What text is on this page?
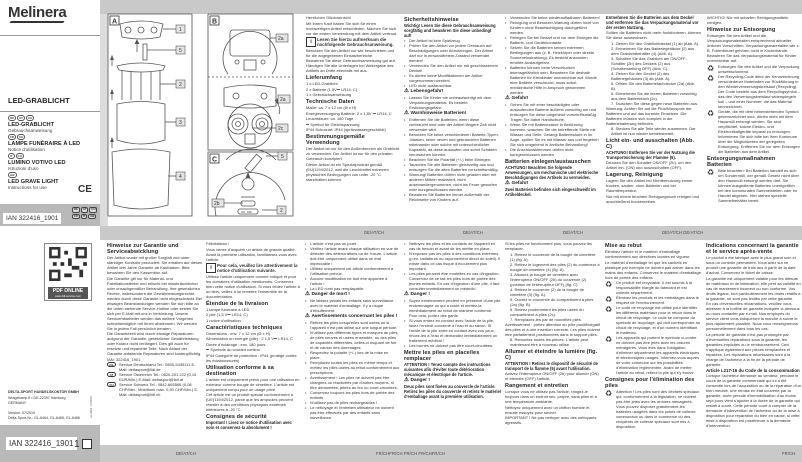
Melinera
LED-GRABLICHT
DE	AT	CH
LED-GRABLICHT
Gebrauchsanweisung
FR	CH
LAMPE FUNÉRAIRE À LED
Notice d'utilisation
IT	CH
LUMINO VOTIVO LED
Istruzioni d'uso
GB
LED GRAVE LIGHT
Instructions for use	CE
IAN 322416_1901
DE	AT	CH
FR	IT	GB
PDF ONLINE
www.lidl-service.com
DELTA-SPORT HANDELSKONTOR GMBH
Wragekamp 6 • DE-22397 Hamburg
GERMANY
Version: 07/2019
Delta-Sport-Nr.: GL-6464, GL-6465, GL-6466	GL-6464 · 07/2019
IAN 322416_1901 1
A	B
C
1
5
2
3
4
2a
2a
2c
5
2b
2
ON · OFF
Herzlichen Glückwunsch!
Mit Ihrem Kauf haben Sie sich für einen hochwertigen Artikel entschieden. Machen Sie sich vor der ersten Verwendung mit dem Artikel vertraut.
i Lesen Sie hierzu aufmerksam die nachfolgende Gebrauchsanweisung.
Benutzen Sie den Artikel nur wie beschrieben und für die angegebenen Einsatzbereiche.
Bewahren Sie diese Gebrauchsanweisung gut auf. Händigen Sie alle Unterlagen bei Weitergabe des Artikels an Dritte ebenfalls mit aus.
Lieferumfang
1 x LED-Grablicht
2 x Batterie (1,5V⎓ LR14, C)
1 x Gebrauchsanweisung
Technische Daten
Maße: ca. 7 x 12 cm (Ø x H)
Energieversorgung Batterie: 2 x 1,5V ⎓ LR14, C
Leuchtdauer: ca. 180 Tage
⎓ Symbol für Gleichspannung
IP44 Schutzart: IP44 (spritzwassergeschützt)
Bestimmungsgemäße Verwendung
Der Artikel ist nur für den Außenbereich als Grablicht zu verwenden. Der Artikel ist nur für den privaten Gebrauch konzipiert.
Dieser Artikel ist ein Spezialprodukt gemäß (EU)1194/2012, weil die Leuchtmittel extremen physischen Bedingungen von unter -20 °C standhalten können.
Sicherheitshinweise
Wichtig! Lesen Sie diese Gebrauchsanweisung sorgfältig und bewahren Sie diese unbedingt auf!
• Der Artikel ist kein Spielzeug.
• Prüfen Sie den Artikel vor jedem Gebrauch auf Beschädigungen oder Abnutzungen. Der Artikel darf nur in einwandfreiem Zustand verwendet werden!
• Verwenden Sie den Artikel nur mit geschlossenem Deckel!
• Es dürfen keine Modifikationen am Artikel vorgenommen werden!
• LED nicht austauschbar.
⚠ Lebensgefahr!
• Lassen Sie Kinder nie unbeaufsichtigt mit dem Verpackungsmaterial. Es besteht Erstickungsgefahr.
⚠ Warnhinweise Batterien!
• Entfernen Sie die Batterien, wenn diese verbraucht sind oder der Artikel längere Zeit nicht verwendet wird.
• Benutzen Sie keine verschiedenen Batterie-Typen, -Marken, keine neuen und gebrauchten Batterien miteinander oder solche mit unterschiedlicher Kapazität, da diese auslaufen und somit Schäden verursachen können.
• Beachten Sie die Polarität (+/-) beim Einlegen.
• Tauschen Sie alle Batterien gleichzeitig aus und entsorgen Sie die alten Batterien vorschriftsmäßig.
• Warnung! Batterien dürfen nicht geladen oder mit anderen Mitteln reaktiviert, nicht auseinandergenommen, nicht ins Feuer geworfen oder kurzgeschlossen werden.
• Bewahren Sie Batterien immer außerhalb der Reichweite von Kindern auf.
• Verwenden Sie keine wiederaufladbaren Batterien!
• Reinigung und Benutzer-Wartung dürfen nicht von Kindern ohne Beaufsichtigung durchgeführt werden.
• Reinigen Sie bei Bedarf und vor dem Einlegen die Batterie- und Gerätekontakte.
• Setzen Sie die Batterien keinen extremen Bedingungen aus (z. B. Heizkörper oder direkte Sonneneinstrahlung). Es besteht ansonsten erhöhte Auslaufgefahr.
• Batterien können beim Verschlucken lebensgefährlich sein. Bewahren Sie deshalb Batterien für Kleinkinder unerreichbar auf. Wurde eine Batterie verschluckt, muss sofort medizinische Hilfe in Anspruch genommen werden.
⚠ Gefahr!
• Gehen Sie mit einer beschädigten oder auslaufenden Batterie äußerst vorsichtig um und entsorgen Sie diese umgehend vorschriftsmäßig. Tragen Sie dabei Handschuhe.
• Wenn Sie mit Batteriesäure in Berührung kommen, waschen Sie die betreffende Stelle mit Wasser und Seife. Gelangt Batteriesäure in Ihr Auge, spülen Sie es mit Wasser aus und begeben Sie sich umgehend in ärztliche Behandlung!
• Die Anschlussklemmen dürfen nicht kurzgeschlossen werden.
Batterien einlegen/austauschen
ACHTUNG! Beachten Sie folgende Anweisungen, um mechanische und elektrische Beschädigungen des Artikels zu vermeiden.
⚠ Gefahr!
Zwei Batterien befinden sich eingeschweißt im Artikeldeckel.
Entnehmen Sie die Batterien aus dem Deckel und entfernen Sie das Verpackungsmaterial vor der ersten Nutzung.
Sollten die Batterien nicht mehr funktionieren, können Sie diese auswechseln.
1. Ziehen Sie den Grablichtdeckel (1) ab (Abb. A).
2. Entnehmen Sie das Batteriegehäuse (2) aus dem Grablichtbehälter (4) (Abb. A).
3. Schalten Sie das Grablicht am ON/OFF-Schalter (2b) des Deckels (2) aus (Schalterstellung OFF) (Abb. C).
4. Ziehen Sie den Deckel (2) des Batteriegehäuses (3) ab (Abb. A).
5. Öffnen Sie den Batteriefachdeckel (2a) (Abb. B).
6. Entnehmen Sie die leeren Batterien vorsichtig aus dem Batteriefach (2c).
7. Tauschen Sie diese gegen neue Batterien aus.
Warnung: Achten Sie auf die Plus/Minuspole der Batterien und auf das korrekte Einsetzen. Die Batterien müssen sich komplett in der Batteriehalterung befinden.
8. Stecken Sie alle Teile wieder zusammen. Der Artikel ist nun wieder betriebsbereit.
Licht ein- und ausschalten (Abb. C)
ACHTUNG! Entfernen Sie vor der Nutzung die Transportsicherung der Flamme (5).
Drücken Sie den Schalter ON/OFF (2b), um den Artikel ein- (ON) und auszuschalten (OFF).
Lagerung, Reinigung
Lagern Sie den Artikel bei Nichtbenutzung immer trocken, sauber, ohne Batterien und bei Raumtemperatur.
Nur mit einem feuchten Reinigungstuch reinigen und anschließend trockenreiben.
WICHTIG! Nie mit scharfen Reinigungsmitteln reinigen.
Hinweise zur Entsorgung
Entsorgen Sie den Artikel und die Verpackungsmaterialien entsprechend aktueller örtlicher Vorschriften. Verpackungsmaterialien wie z. B. Folienbeutel gehören nicht in Kinderhände. Bewahren Sie das Verpackungsmaterial für Kinder unerreichbar auf.
♻ Entsorgen Sie den Artikel und die Verpackung umweltschonend.
♻ Der Recycling-Code dient der Kennzeichnung verschiedener Materialien zur Rückführung in den Wiederverwertungskreislauf (Recycling). Der Code besteht aus dem Recyclingsymbol – das den Verwertungskreislauf widerspiegeln soll – und einer Nummer, die das Material kennzeichnet.
♻ Geräte, die mit dem nebenstehenden Symbol gekennzeichnet sind, dürfen nicht mit dem Hausmüll entsorgt werden. Sie sind verpflichtet, solche Elektro- und Elektronikaltgeräte separat zu entsorgen. Informieren Sie sich bitte bei Ihrer Kommune über die Möglichkeiten der geregelten Entsorgung. Entfernen Sie vor dem Entsorgen die Batterien aus dem Artikel.
Entsorgungsmaßnahmen Batterien
♻ Bitte beachten: Bei Batterien handelt es sich um Sondermüll, der gemäß Gesetz nicht über den Hausmüll entsorgt werden darf. Sie können ausgediente Batterien unentgeltlich bei den kommunalen Sammelstellen oder im Handel abgeben. Hier stehen spezielle Sammelbehälter bereit.
Hinweise zur Garantie und Serviceabwicklung
Der Artikel wurde mit großer Sorgfalt und unter ständiger Kontrolle produziert. Sie erhalten auf diesen Artikel drei Jahre Garantie ab Kaufdatum. Bitte bewahren Sie den Kassenbon auf.
Die Garantie gilt nur für Material- und Fabrikationsfehler und erlischt bei missbräuchlicher oder unsachgemäßer Behandlung. Ihre gesetzlichen Rechte, insbesondere die Gewährleistungsrechte, werden durch diese Garantie nicht eingeschränkt. Bei etwaigen Beanstandungen wenden Sie sich bitte an die unten stehende Service-Hotline oder setzen Sie sich per E-Mail mit uns in Verbindung. Unsere Servicemitarbeiter werden das weitere Vorgehen schnellstmöglich mit Ihnen abstimmen. Wir werden Sie in jedem Fall persönlich beraten.
Die Garantiezeit wird durch etwaige Reparaturen aufgrund der Garantie, gesetzlicher Gewährleistung oder Kulanz nicht verlängert. Dies gilt auch für ersetzte und reparierte Teile. Nach Ablauf der Garantie anfallende Reparaturen sind kostenpflichtig.
IAN: 322416_1901
DE	Service Deutschland Tel.: 0800-5435111 E-Mail: deltasport@lidl.de
AT	Service Österreich Tel.: 0820-201 222 (0,15 EUR/Min.) E-Mail: deltasport@lidl.at
CH	Service Schweiz Tel.: 0842-665566 (0,08 CHF/Min., Mobilfunk max. 0,40 CHF/Min.) E-Mail: deltasport@lidl.ch
Félicitations !
Vous venez d'acquérir un article de grande qualité. Avant la première utilisation, familiarisez-vous avec l'article.
i Pour cela, veuillez lire attentivement la notice d'utilisation suivante.
Utilisez l'article uniquement comme indiqué et pour les domaines d'utilisation mentionnés. Conservez bien cette notice d'utilisation. Si vous cédez l'article à un tiers, veillez à lui remettre l'ensemble de la documentation.
Étendue de la livraison
1 lampe funéraire à LED
2 pile (1,5 V⎓ LR14, C)
1 notice d'utilisation
Caractéristiques techniques
Dimensions : env. 7 x 12 cm (Ø x H)
Alimentation en énergie (pile) : 2 1,5 V⎓ LR14, C
Durée d'éclairage : env. 180 jours
⎓ Symbole du courant continu
IP44 Catégorie de protection : IP44 (protégé contre les éclaboussures)
Utilisation conforme à sa destination
L'article est uniquement prévu pour une utilisation en extérieur comme bougie de cimetière. L'article est uniquement conçu pour un usage privé.
Cet article est un produit spécial conformément à (UE)1194/2012, parce que les ampoules peuvent résister à des conditions physiques extrêmes inférieures à -20 °C.
Consignes de sécurité
Important ! Lisez ce notice d'utilisation avec soin et conservez-la absolument !
• L'article n'est pas un jouet.
• Vérifiez l'article avant chaque utilisation en vue de détecter des détériorations ou de l'usure. L'article doit être uniquement utilisé dans un état impeccable !
• Utilisez uniquement cet article conformément à l'utilisation prévue.
• Aucune modification ne doit être apportée à l'article !
• La LED n'est pas remplaçable.
⚠ Danger de mort !
• Ne laissez jamais les enfants sans surveillance avec le matériel d'emballage. Il y a risque d'étouffement.
⚠ Avertissements concernant les piles !
• Retirez les piles lorsqu'elles sont usées ou si l'appareil n'est pas utilisé sur une longue période.
• N'utilisez pas différents types et marques de piles, de piles neuves et usées ensemble, ou des piles de capacités différentes, celles-ci risquant de fuir et de causer des dommages.
• Respectez la polarité (+/-) lors de la mise en place.
• Remplacez toutes les piles en même temps et mettez les piles usées au rebut conformément aux prescriptions.
• Avertissement ! Les piles ne doivent pas être chargées ou réactivées par d'autres moyens, ni être démontées, jetées au feu ou court-circuitées.
• Conservez toujours les piles hors de portée des enfants.
• N'utilisez pas de piles rechargeables !
• Le nettoyage et l'entretien utilisateur ne doivent pas être effectués par des enfants sans surveillance.
• Nettoyez les piles et les contacts de l'appareil en cas de besoin et avant de les mettre en place.
• N'exposez pas les piles à des conditions extrêmes (p.ex. radiateurs ou rayonnement direct du soleil). Il existe dans ce cas risque d'écoulement plus important.
• Les piles peuvent être mortelles en cas d'ingestion. Conservez de ce fait les piles hors de portée des jeunes enfants. En cas d'ingestion d'une pile, il faut consulter immédiatement un médecin.
⚠ Danger !
• Soyez extrêmement prudent en présence d'une pile endommagée ou qui a coulé et mettez-la immédiatement au rebut de manière conforme. Pour cela, portez des gants.
• Si vous entrez en contact avec l'acide de la pile, lavez l'endroit concerné à l'eau et au savon. Si l'acide de la pile entre en contact avec vos yeux, rincez-les à l'eau et demandez immédiatement un traitement médical !
• Les bornes ne doivent pas être court-circuitées.
Mettre les piles en place/les remplacer
ATTENTION ! Tenez compte des instructions suivantes afin d'éviter toute détérioration mécanique et électrique de l'article.
⚠ Danger !
Deux piles sont fixées au couvercle de l'article. Retirez les piles du couvercle et retirez le matériel d'emballage avant la première utilisation.
Si les piles ne fonctionnent plus, vous pouvez les remplacer.
1. Retirez le couvercle de la bougie de cimetière (1) (fig. A).
2. Retirez le logement des piles (2) du conteneur à bougie de cimetière (4) (fig. A).
3. Allumez la bougie de cimetière avec l'interrupteur ON/OFF (2b) du couvercle (2) (position de l'interrupteur OFF) (fig. C).
4. Retirez le couvercle (2) de la bougie de cimetière (3) (fig. A).
5. Ouvrez le couvercle du compartiment à piles (2a) (fig. B).
6. Retirez prudemment les piles usées du compartiment à piles (2c).
7. Remplacez-les par de nouvelles piles.
Avertissement : prêtez attention au pôle positif/négatif des piles et à une insertion correcte. Les piles doivent être parfaitement positionnées dans le support piles.
8. Remontez toutes les pièces. L'article peut maintenant être à nouveau utilisé.
Allumer et éteindre la lumière (fig. C)
ATTENTION ! Retirez le dispositif de sécurité de transport de la flamme (5) avant l'utilisation.
Activez l'interrupteur ON/OFF (2b) pour allumer (ON) et éteindre (OFF) l'article.
Rangement et entretien
Lorsque vous ne utilisez pas l'article, rangez-le toujours dans un endroit sec, propre, sans piles et à une température ambiante.
Nettoyez uniquement avec un chiffon humide et ensuite essuyez pour sécher.
IMPORTANT ! Ne pas nettoyer avec des nettoyants agressifs.
Mise au rebut
Éliminez l'article et le matériel d'emballage conformément aux directives locales en vigueur.
Le matériel d'emballage tel que les sachets en plastique par exemple ne doivent pas arriver dans les mains des enfants. Conservez le matériel d'emballage hors de portée des enfants.
♻ Ce produit est recyclable. Il est soumis à la responsabilité élargie du fabricant et est collecté séparément.
♻ Éliminez les produits et les emballages dans le respect de l'environnement.
♻ Le code de recyclage est utilisé pour identifier les différents matériaux pour le retour dans le circuit de recyclage. Le code se compose du symbole de recyclage, qui doit correspondre au circuit de recyclage, et d'un numéro identifiant le matériau.
♻ Les appareils qui portent le symbole ci-contre ne doivent pas être jetés avec les ordures ménagères. Vous êtes dans l'obligation d'éliminer séparément les appareils électriques et électroniques usagés. Informez-vous auprès de votre commune sur les possibilités d'élimination réglementée. Avant de mettre l'article au rebut, retirez la pile qui s'y trouve.
Consignes pour l'élimination des piles
♻ Attention ! Les piles sont des déchets spéciaux qui, conformément à la législation, ne doivent pas être jetés avec les ordures ménagères. Vous pouvez disposer gratuitement les batteries usagées dans les points de collecte communaux ou dans le commerce où des récipients de collecte spéciaux sont mis à disposition.
Indications concernant la garantie et le service après-vente
Le produit a été fabriqué avec le plus grand soin et sous un contrôle permanent. Vous avez sur ce produit une garantie de trois ans à partir de la date d'achat. Conservez le ticket de caisse.
La garantie est uniquement valable pour les défauts de matériaux et de fabrication, elle perd sa validité en cas de maniement incorrect ou non conforme. Vos droits légaux, tout particulièrement les droits relatifs à la garantie, ne sont pas limités par cette garantie.
En cas d'éventuelles réclamations, veuillez vous adresser à la hotline de garantie indiquée ci-dessous ou nous contacter par e-mail. Nos employés du service client vous indiqueront la marche à suivre le plus rapidement possible. Nous vous renseignerons personnellement dans tous les cas.
La période de garantie n'est pas prolongée par d'éventuelles réparations sous la garantie, les garanties implicites ou le remboursement. Ceci s'applique également aux pièces remplacées et réparées. Les réparations nécessaires sont à la charge de l'acheteur à la fin de la période de garantie.
Article L217-16 du Code de la consommation
Lorsque l'acheteur demande au vendeur, pendant le cours de la garantie commerciale qui lui a été consentie lors de l'acquisition ou de la réparation d'un bien meuble, une remise en état couverte par la garantie, toute période d'immobilisation d'au moins sept jours vient s'ajouter à la durée de la garantie qui restait à courir. Cette période court à compter de la demande d'intervention de l'acheteur ou de la mise à disposition pour réparation du bien en cause, si cette mise à disposition est postérieure à la demande d'intervention.
DE/AT/CH	DE/AT/CH	DE/AT/CH	DE/AT/CH DE/AT/CH
DE/AT/CH	FR/CHFR/CH FR/CH FR/CHFR/CH	FR/CH
